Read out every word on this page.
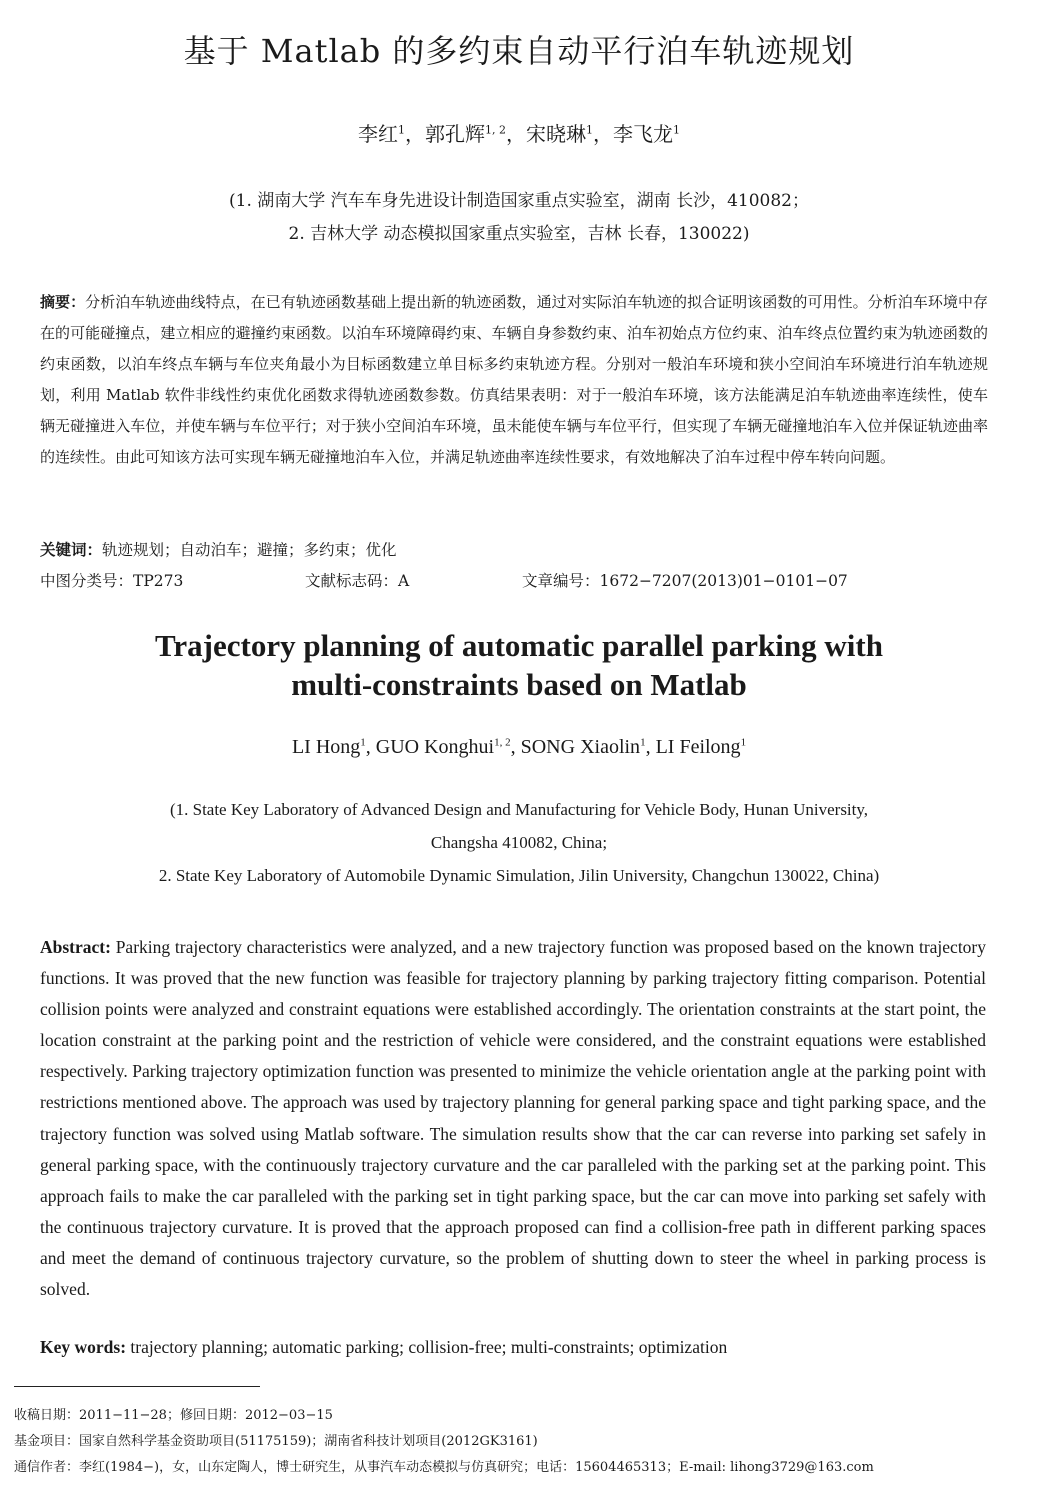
基于 Matlab 的多约束自动平行泊车轨迹规划
李红$^1$，郭孔辉$^{1, 2}$，宋晓琳$^1$，李飞龙$^1$
(1. 湖南大学 汽车车身先进设计制造国家重点实验室，湖南 长沙，410082；
2. 吉林大学 动态模拟国家重点实验室，吉林 长春，130022)
摘要：分析泊车轨迹曲线特点，在已有轨迹函数基础上提出新的轨迹函数，通过对实际泊车轨迹的拟合证明该函数的可用性。分析泊车环境中存在的可能碰撞点，建立相应的避撞约束函数。以泊车环境障碍约束、车辆自身参数约束、泊车初始点方位约束、泊车终点位置约束为轨迹函数的约束函数，以泊车终点车辆与车位夹角最小为目标函数建立单目标多约束轨迹方程。分别对一般泊车环境和狭小空间泊车环境进行泊车轨迹规划，利用 Matlab 软件非线性约束优化函数求得轨迹函数参数。仿真结果表明：对于一般泊车环境，该方法能满足泊车轨迹曲率连续性，使车辆无碰撞进入车位，并使车辆与车位平行；对于狭小空间泊车环境，虽未能使车辆与车位平行，但实现了车辆无碰撞地泊车入位并保证轨迹曲率的连续性。由此可知该方法可实现车辆无碰撞地泊车入位，并满足轨迹曲率连续性要求，有效地解决了泊车过程中停车转向问题。
关键词：轨迹规划；自动泊车；避撞；多约束；优化
中图分类号：TP273	文献标志码：A	文章编号：1672−7207(2013)01−0101−07
Trajectory planning of automatic parallel parking with
multi-constraints based on Matlab
LI Hong$^1$, GUO Konghui$^{1, 2}$, SONG Xiaolin$^1$, LI Feilong$^1$
(1. State Key Laboratory of Advanced Design and Manufacturing for Vehicle Body, Hunan University,
Changsha 410082, China;
2. State Key Laboratory of Automobile Dynamic Simulation, Jilin University, Changchun 130022, China)
Abstract: Parking trajectory characteristics were analyzed, and a new trajectory function was proposed based on the known trajectory functions. It was proved that the new function was feasible for trajectory planning by parking trajectory fitting comparison. Potential collision points were analyzed and constraint equations were established accordingly. The orientation constraints at the start point, the location constraint at the parking point and the restriction of vehicle were considered, and the constraint equations were established respectively. Parking trajectory optimization function was presented to minimize the vehicle orientation angle at the parking point with restrictions mentioned above. The approach was used by trajectory planning for general parking space and tight parking space, and the trajectory function was solved using Matlab software. The simulation results show that the car can reverse into parking set safely in general parking space, with the continuously trajectory curvature and the car paralleled with the parking set at the parking point. This approach fails to make the car paralleled with the parking set in tight parking space, but the car can move into parking set safely with the continuous trajectory curvature. It is proved that the approach proposed can find a collision-free path in different parking spaces and meet the demand of continuous trajectory curvature, so the problem of shutting down to steer the wheel in parking process is solved.
Key words: trajectory planning; automatic parking; collision-free; multi-constraints; optimization
收稿日期：2011−11−28；修回日期：2012−03−15
基金项目：国家自然科学基金资助项目(51175159)；湖南省科技计划项目(2012GK3161)
通信作者：李红(1984−)，女，山东定陶人，博士研究生，从事汽车动态模拟与仿真研究；电话：15604465313；E-mail: lihong3729@163.com
